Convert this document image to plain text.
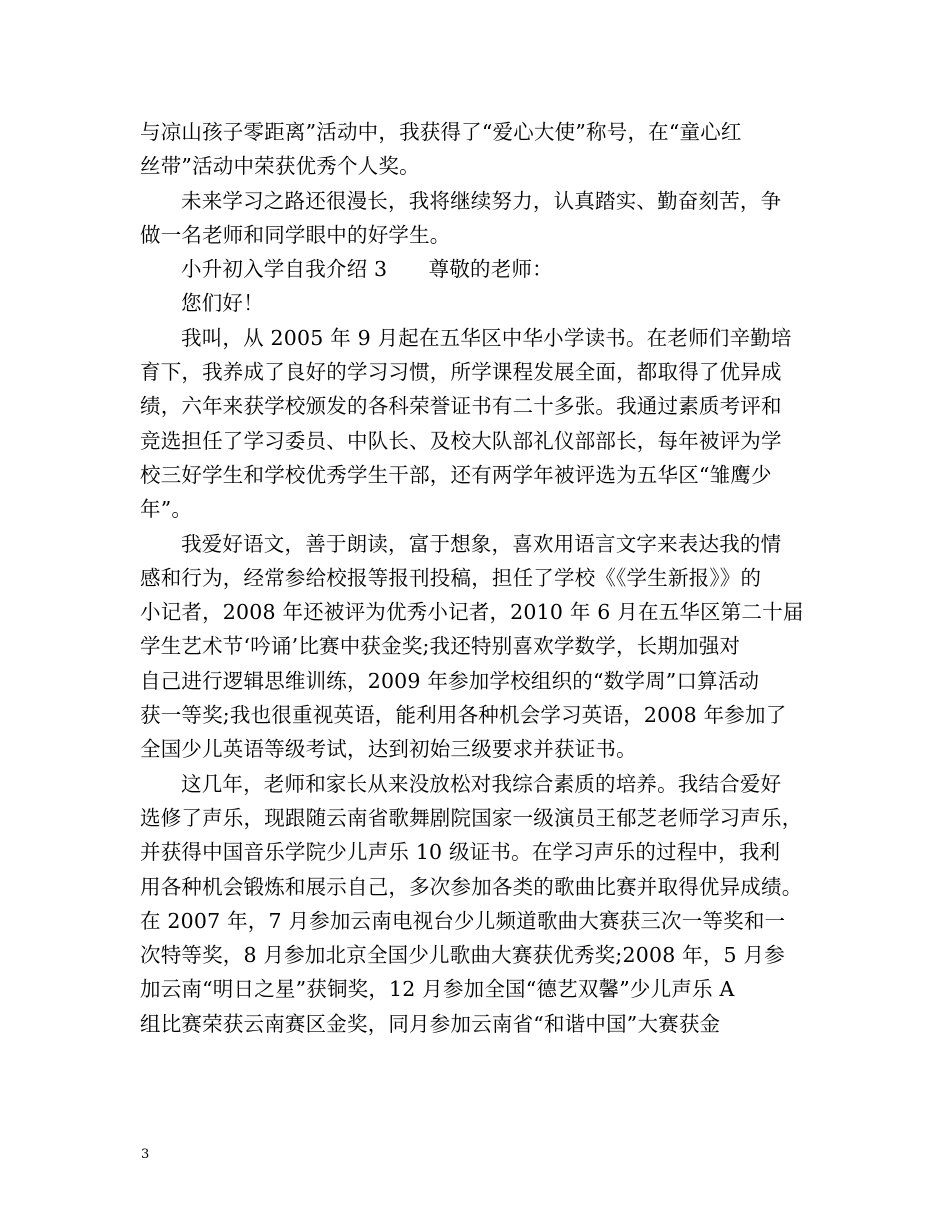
与凉山孩子零距离”活动中，我获得了“爱心大使”称号，在“童心红
丝带”活动中荣获优秀个人奖。
未来学习之路还很漫长，我将继续努力，认真踏实、勤奋刻苦，争
做一名老师和同学眼中的好学生。
小升初入学自我介绍 3　　尊敬的老师：
您们好！
我叫，从 2005 年 9 月起在五华区中华小学读书。在老师们辛勤培
育下，我养成了良好的学习习惯，所学课程发展全面，都取得了优异成
绩，六年来获学校颁发的各科荣誉证书有二十多张。我通过素质考评和
竞选担任了学习委员、中队长、及校大队部礼仪部部长，每年被评为学
校三好学生和学校优秀学生干部，还有两学年被评选为五华区“雏鹰少
年”。
我爱好语文，善于朗读，富于想象，喜欢用语言文字来表达我的情
感和行为，经常参给校报等报刊投稿，担任了学校《《学生新报》》的
小记者，2008 年还被评为优秀小记者，2010 年 6 月在五华区第二十届
学生艺术节‘吟诵’比赛中获金奖;我还特别喜欢学数学，长期加强对
自己进行逻辑思维训练，2009 年参加学校组织的“数学周”口算活动
获一等奖;我也很重视英语，能利用各种机会学习英语，2008 年参加了
全国少儿英语等级考试，达到初始三级要求并获证书。
这几年，老师和家长从来没放松对我综合素质的培养。我结合爱好
选修了声乐，现跟随云南省歌舞剧院国家一级演员王郁芝老师学习声乐，
并获得中国音乐学院少儿声乐 10 级证书。在学习声乐的过程中，我利
用各种机会锻炼和展示自己，多次参加各类的歌曲比赛并取得优异成绩。
在 2007 年，7 月参加云南电视台少儿频道歌曲大赛获三次一等奖和一
次特等奖，8 月参加北京全国少儿歌曲大赛获优秀奖;2008 年，5 月参
加云南“明日之星”获铜奖，12 月参加全国“德艺双馨”少儿声乐 A
组比赛荣获云南赛区金奖，同月参加云南省“和谐中国”大赛获金
3
